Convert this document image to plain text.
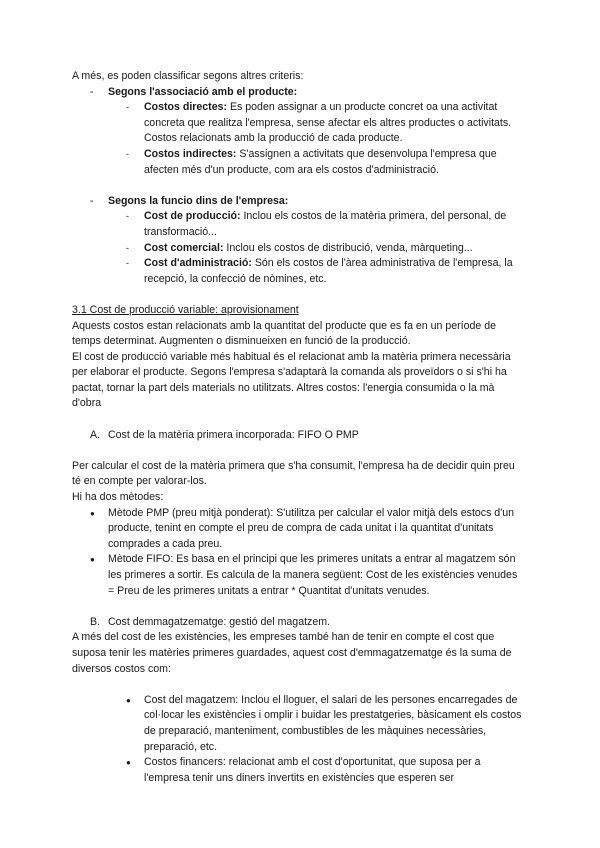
A més, es poden classificar segons altres criteris:

- Segons l'associació amb el producte:
- Costos directes: Es poden assignar a un producte concret oa una activitat concreta que realitza l'empresa, sense afectar els altres productes o activitats. Costos relacionats amb la producció de cada producte.
- Costos indirectes: S'assignen a activitats que desenvolupa l'empresa que afecten més d'un producte, com ara els costos d'administració.
- Segons la funcio dins de l'empresa:
- Cost de producció: Inclou els costos de la matèria primera, del personal, de transformació...
- Cost comercial: Inclou els costos de distribució, venda, màrqueting...
- Cost d'administració: Són els costos de l'àrea administrativa de l'empresa, la recepció, la confecció de nòmines, etc.

3.1 Cost de producció variable: aprovisionament

Aquests costos estan relacionats amb la quantitat del producte que es fa en un període de temps determinat. Augmenten o disminueixen en funció de la producció.

El cost de producció variable més habitual és el relacionat amb la matèria primera necessària per elaborar el producte. Segons l'empresa s'adaptarà la comanda als proveïdors o si s'hi ha pactat, tornar la part dels materials no utilitzats. Altres costos: l'energia consumida o la mà d'obra

A. Cost de la matèria primera incorporada: FIFO O PMP

Per calcular el cost de la matèria primera que s'ha consumit, l'empresa ha de decidir quin preu té en compte per valorar-los.

Hi ha dos mètodes:

● Mètode PMP (preu mitjà ponderat): S'utilitza per calcular el valor mitjà dels estocs d'un producte, tenint en compte el preu de compra de cada unitat i la quantitat d'unitats comprades a cada preu.
● Mètode FIFO: Es basa en el principi que les primeres unitats a entrar al magatzem són les primeres a sortir. Es calcula de la manera següent: Cost de les existències venudes = Preu de les primeres unitats a entrar * Quantitat d'unitats venudes.

B. Cost demmagatzematge: gestió del magatzem.

A més del cost de les existències, les empreses també han de tenir en compte el cost que suposa tenir les matèries primeres guardades, aquest cost d'emmagatzematge és la suma de diversos costos com:

● Cost del magatzem: Inclou el lloguer, el salari de les persones encarregades de col·locar les existències i omplir i buidar les prestatgeries, bàsicament els costos de preparació, manteniment, combustibles de les màquines necessàries, preparació, etc.
● Costos financers: relacionat amb el cost d'oportunitat, que suposa per a l'empresa tenir uns diners invertits en existències que esperen ser
